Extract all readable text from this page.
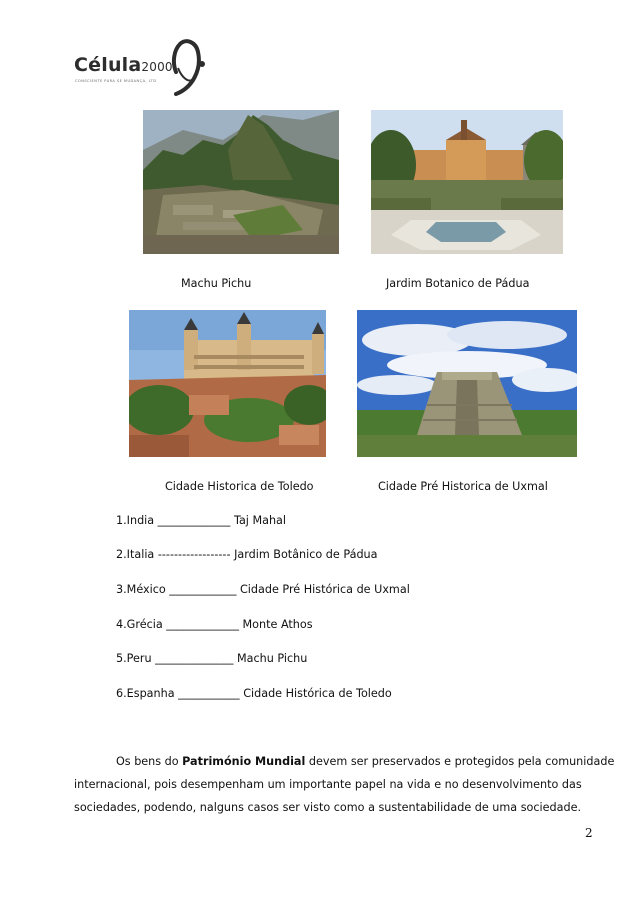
Célula2000
CONSCIENTE PARA SE MUDANÇA, LTD
Machu Pichu	Jardim Botanico de Pádua
Cidade Historica de Toledo	Cidade Pré Historica de Uxmal
1.India _____________ Taj Mahal
2.Italia ------------------ Jardim Botânico de Pádua
3.México ____________ Cidade Pré Histórica de Uxmal
4.Grécia _____________ Monte Athos
5.Peru ______________ Machu Pichu
6.Espanha ___________ Cidade Histórica de Toledo
Os bens do Património Mundial devem ser preservados e protegidos pela comunidade
internacional, pois desempenham um importante papel na vida e no desenvolvimento das
sociedades, podendo, nalguns casos ser visto como a sustentabilidade de uma sociedade.
2
